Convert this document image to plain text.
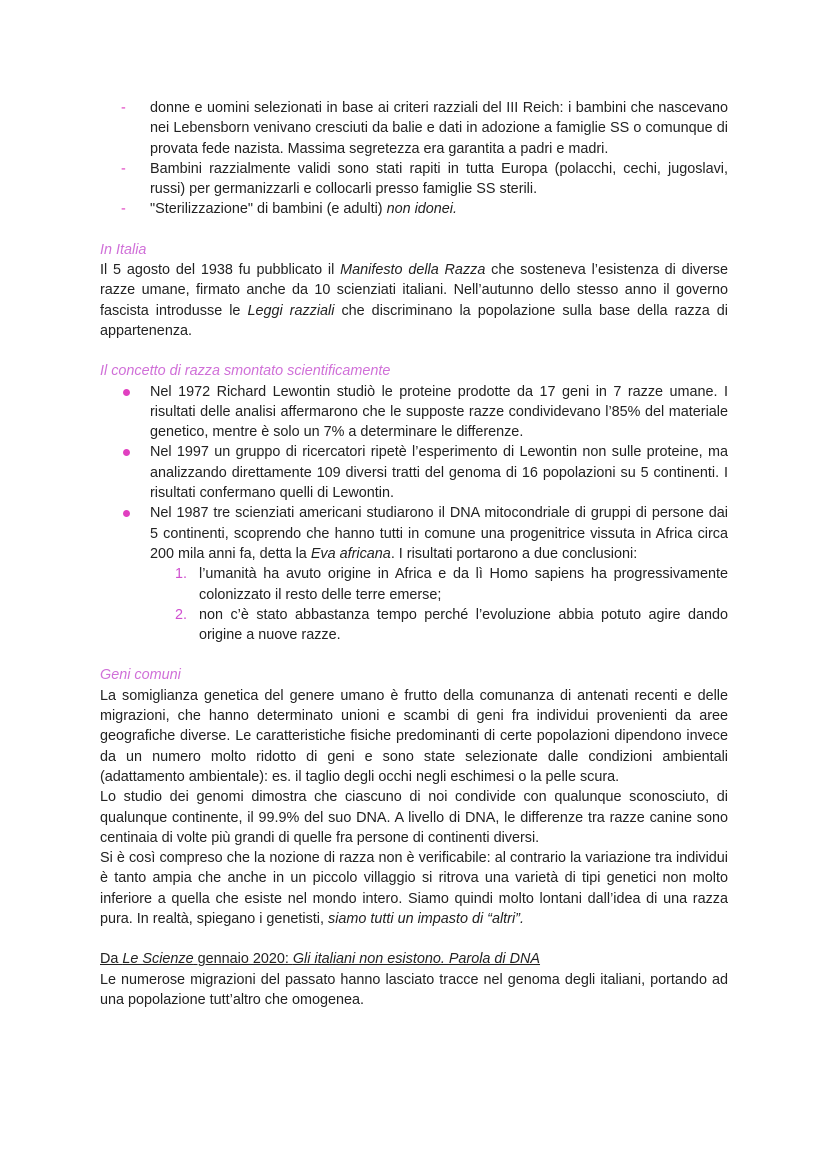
- donne e uomini selezionati in base ai criteri razziali del III Reich: i bambini che nascevano nei Lebensborn venivano cresciuti da balie e dati in adozione a famiglie SS o comunque di provata fede nazista. Massima segretezza era garantita a padri e madri.
- Bambini razzialmente validi sono stati rapiti in tutta Europa (polacchi, cechi, jugoslavi, russi) per germanizzarli e collocarli presso famiglie SS sterili.
- "Sterilizzazione" di bambini (e adulti) non idonei.
In Italia

Il 5 agosto del 1938 fu pubblicato il Manifesto della Razza che sosteneva l’esistenza di diverse razze umane, firmato anche da 10 scienziati italiani. Nell’autunno dello stesso anno il governo fascista introdusse le Leggi razziali che discriminano la popolazione sulla base della razza di appartenenza.

Il concetto di razza smontato scientificamente
Nel 1972 Richard Lewontin studiò le proteine prodotte da 17 geni in 7 razze umane. I risultati delle analisi affermarono che le supposte razze condividevano l’85% del materiale genetico, mentre è solo un 7% a determinare le differenze.
Nel 1997 un gruppo di ricercatori ripetè l’esperimento di Lewontin non sulle proteine, ma analizzando direttamente 109 diversi tratti del genoma di 16 popolazioni su 5 continenti. I risultati confermano quelli di Lewontin.
Nel 1987 tre scienziati americani studiarono il DNA mitocondriale di gruppi di persone dai 5 continenti, scoprendo che hanno tutti in comune una progenitrice vissuta in Africa circa 200 mila anni fa, detta la Eva africana. I risultati portarono a due conclusioni:
1. l’umanità ha avuto origine in Africa e da lì Homo sapiens ha progressivamente colonizzato il resto delle terre emerse;
2. non c’è stato abbastanza tempo perché l’evoluzione abbia potuto agire dando origine a nuove razze.
Geni comuni

La somiglianza genetica del genere umano è frutto della comunanza di antenati recenti e delle migrazioni, che hanno determinato unioni e scambi di geni fra individui provenienti da aree geografiche diverse. Le caratteristiche fisiche predominanti di certe popolazioni dipendono invece da un numero molto ridotto di geni e sono state selezionate dalle condizioni ambientali (adattamento ambientale): es. il taglio degli occhi negli eschimesi o la pelle scura.

Lo studio dei genomi dimostra che ciascuno di noi condivide con qualunque sconosciuto, di qualunque continente, il 99.9% del suo DNA. A livello di DNA, le differenze tra razze canine sono centinaia di volte più grandi di quelle fra persone di continenti diversi.

Si è così compreso che la nozione di razza non è verificabile: al contrario la variazione tra individui è tanto ampia che anche in un piccolo villaggio si ritrova una varietà di tipi genetici non molto inferiore a quella che esiste nel mondo intero. Siamo quindi molto lontani dall’idea di una razza pura. In realtà, spiegano i genetisti, siamo tutti un impasto di “altri”.

Da Le Scienze gennaio 2020: Gli italiani non esistono. Parola di DNA

Le numerose migrazioni del passato hanno lasciato tracce nel genoma degli italiani, portando ad una popolazione tutt’altro che omogenea.
